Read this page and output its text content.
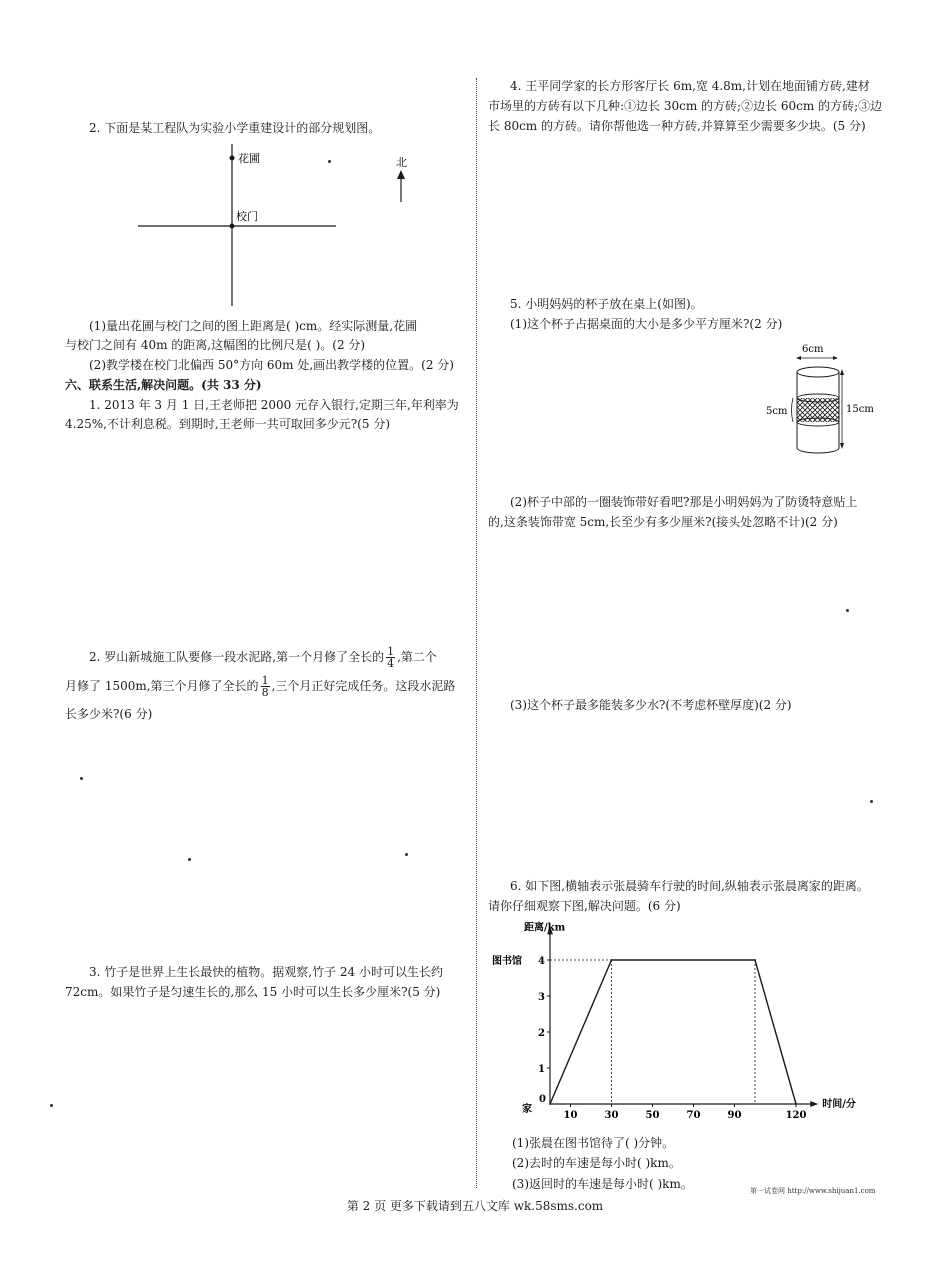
2. 下面是某工程队为实验小学重建设计的部分规划图。
花圃
校门
北
(1)量出花圃与校门之间的图上距离是( )cm。经实际测量,花圃
与校门之间有 40m 的距离,这幅图的比例尺是( )。(2 分)
(2)教学楼在校门北偏西 50°方向 60m 处,画出教学楼的位置。(2 分)
六、联系生活,解决问题。(共 33 分)
1. 2013 年 3 月 1 日,王老师把 2000 元存入银行,定期三年,年利率为
4.25%,不计利息税。到期时,王老师一共可取回多少元?(5 分)
2. 罗山新城施工队要修一段水泥路,第一个月修了全长的 $\frac{1}{4}$ ,第二个
月修了 1500m,第三个月修了全长的 $\frac{1}{8}$ ,三个月正好完成任务。这段水泥路
长多少米?(6 分)
3. 竹子是世界上生长最快的植物。据观察,竹子 24 小时可以生长约
72cm。如果竹子是匀速生长的,那么 15 小时可以生长多少厘米?(5 分)
4. 王平同学家的长方形客厅长 6m,宽 4.8m,计划在地面铺方砖,建材
市场里的方砖有以下几种:①边长 30cm 的方砖;②边长 60cm 的方砖;③边
长 80cm 的方砖。请你帮他选一种方砖,并算算至少需要多少块。(5 分)
5. 小明妈妈的杯子放在桌上(如图)。
(1)这个杯子占据桌面的大小是多少平方厘米?(2 分)
6cm
5cm	15cm
(2)杯子中部的一圈装饰带好看吧?那是小明妈妈为了防烫特意贴上
的,这条装饰带宽 5cm,长至少有多少厘米?(接头处忽略不计)(2 分)
(3)这个杯子最多能装多少水?(不考虑杯壁厚度)(2 分)
6. 如下图,横轴表示张晨骑车行驶的时间,纵轴表示张晨离家的距离。
请你仔细观察下图,解决问题。(6 分)
距离/km
时间/分
家
0
图书馆
1
2
3
4
10	30	50	70	90	120
(1)张晨在图书馆待了( )分钟。
(2)去时的车速是每小时( )km。
(3)返回时的车速是每小时( )km。	第一试卷网 http://www.shijuan1.com
第 2 页 更多下载请到五八文库 wk.58sms.com
